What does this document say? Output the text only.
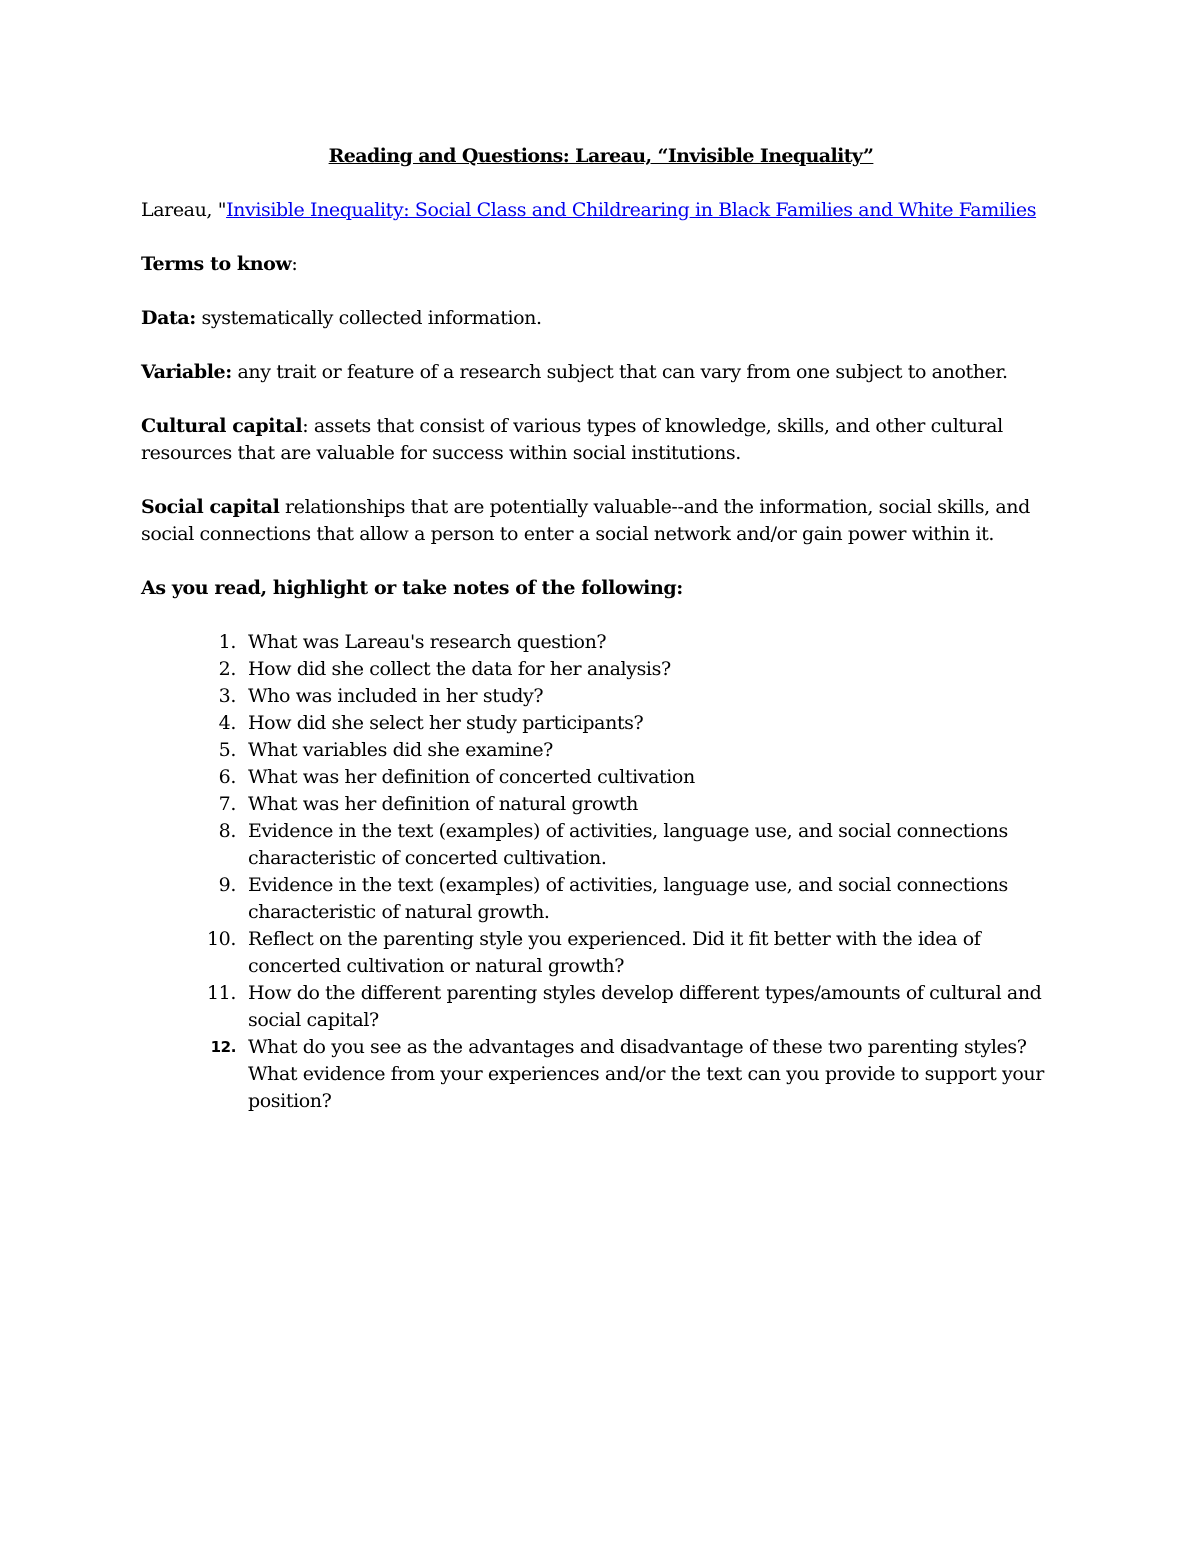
Reading and Questions: Lareau, “Invisible Inequality”

Lareau, "Invisible Inequality: Social Class and Childrearing in Black Families and White Families

Terms to know:

Data: systematically collected information.

Variable: any trait or feature of a research subject that can vary from one subject to another.

Cultural capital: assets that consist of various types of knowledge, skills, and other cultural resources that are valuable for success within social institutions.

Social capital relationships that are potentially valuable--and the information, social skills, and social connections that allow a person to enter a social network and/or gain power within it.

As you read, highlight or take notes of the following:

1. What was Lareau's research question?
2. How did she collect the data for her analysis?
3. Who was included in her study?
4. How did she select her study participants?
5. What variables did she examine?
6. What was her definition of concerted cultivation
7. What was her definition of natural growth
8. Evidence in the text (examples) of activities, language use, and social connections characteristic of concerted cultivation.
9. Evidence in the text (examples) of activities, language use, and social connections characteristic of natural growth.
10. Reflect on the parenting style you experienced. Did it fit better with the idea of concerted cultivation or natural growth?
11. How do the different parenting styles develop different types/amounts of cultural and social capital?
12. What do you see as the advantages and disadvantage of these two parenting styles? What evidence from your experiences and/or the text can you provide to support your position?
